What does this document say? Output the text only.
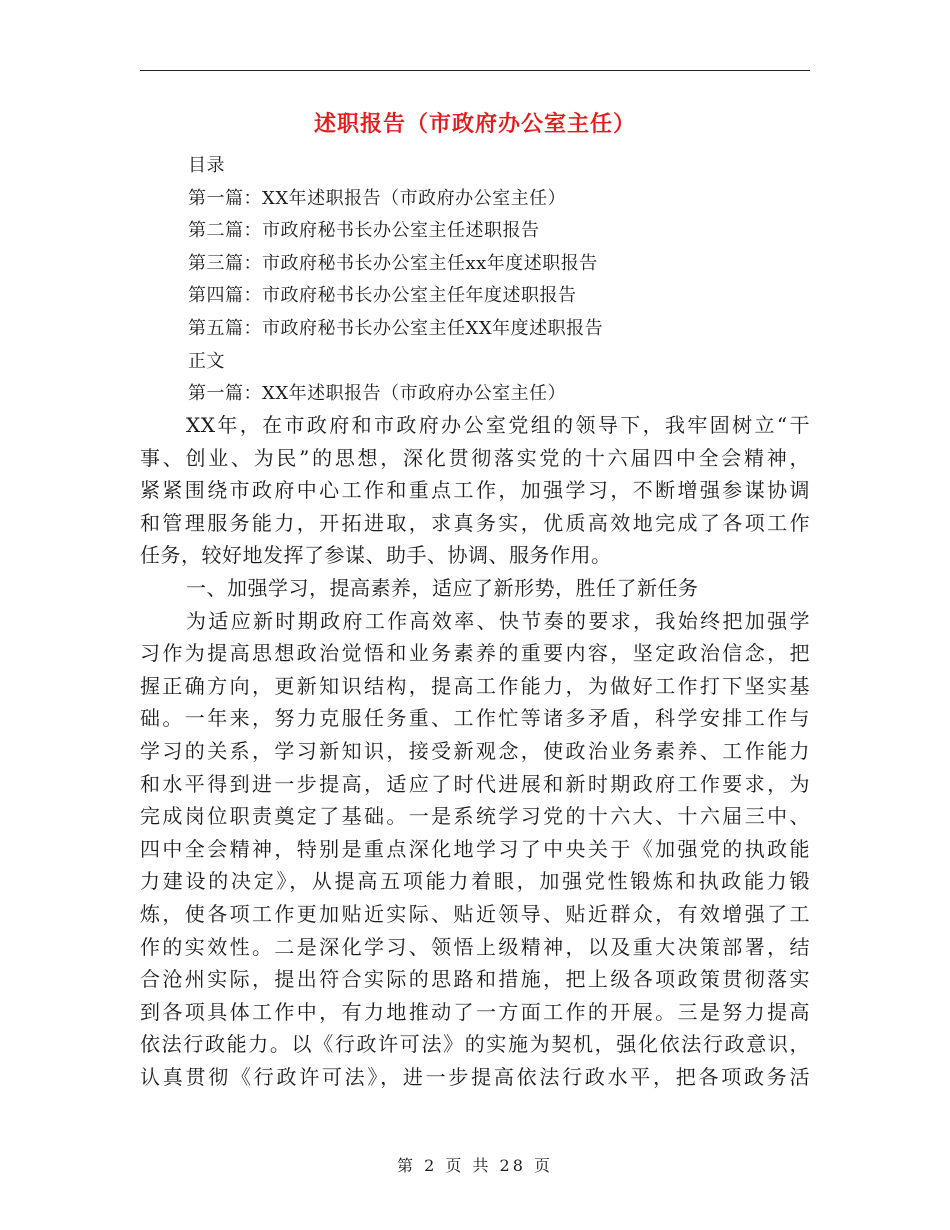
述职报告（市政府办公室主任）
目录
第一篇：XX年述职报告（市政府办公室主任）
第二篇：市政府秘书长办公室主任述职报告
第三篇：市政府秘书长办公室主任xx年度述职报告
第四篇：市政府秘书长办公室主任年度述职报告
第五篇：市政府秘书长办公室主任XX年度述职报告
正文
第一篇：XX年述职报告（市政府办公室主任）
XX年，在市政府和市政府办公室党组的领导下，我牢固树立“干
事、创业、为民”的思想，深化贯彻落实党的十六届四中全会精神，
紧紧围绕市政府中心工作和重点工作，加强学习，不断增强参谋协调
和管理服务能力，开拓进取，求真务实，优质高效地完成了各项工作
任务，较好地发挥了参谋、助手、协调、服务作用。
一、加强学习，提高素养，适应了新形势，胜任了新任务
为适应新时期政府工作高效率、快节奏的要求，我始终把加强学
习作为提高思想政治觉悟和业务素养的重要内容，坚定政治信念，把
握正确方向，更新知识结构，提高工作能力，为做好工作打下坚实基
础。一年来，努力克服任务重、工作忙等诸多矛盾，科学安排工作与
学习的关系，学习新知识，接受新观念，使政治业务素养、工作能力
和水平得到进一步提高，适应了时代进展和新时期政府工作要求，为
完成岗位职责奠定了基础。一是系统学习党的十六大、十六届三中、
四中全会精神，特别是重点深化地学习了中央关于《加强党的执政能
力建设的决定》，从提高五项能力着眼，加强党性锻炼和执政能力锻
炼，使各项工作更加贴近实际、贴近领导、贴近群众，有效增强了工
作的实效性。二是深化学习、领悟上级精神，以及重大决策部署，结
合沧州实际，提出符合实际的思路和措施，把上级各项政策贯彻落实
到各项具体工作中，有力地推动了一方面工作的开展。三是努力提高
依法行政能力。以《行政许可法》的实施为契机，强化依法行政意识，
认真贯彻《行政许可法》，进一步提高依法行政水平，把各项政务活
第 2 页 共 28 页
